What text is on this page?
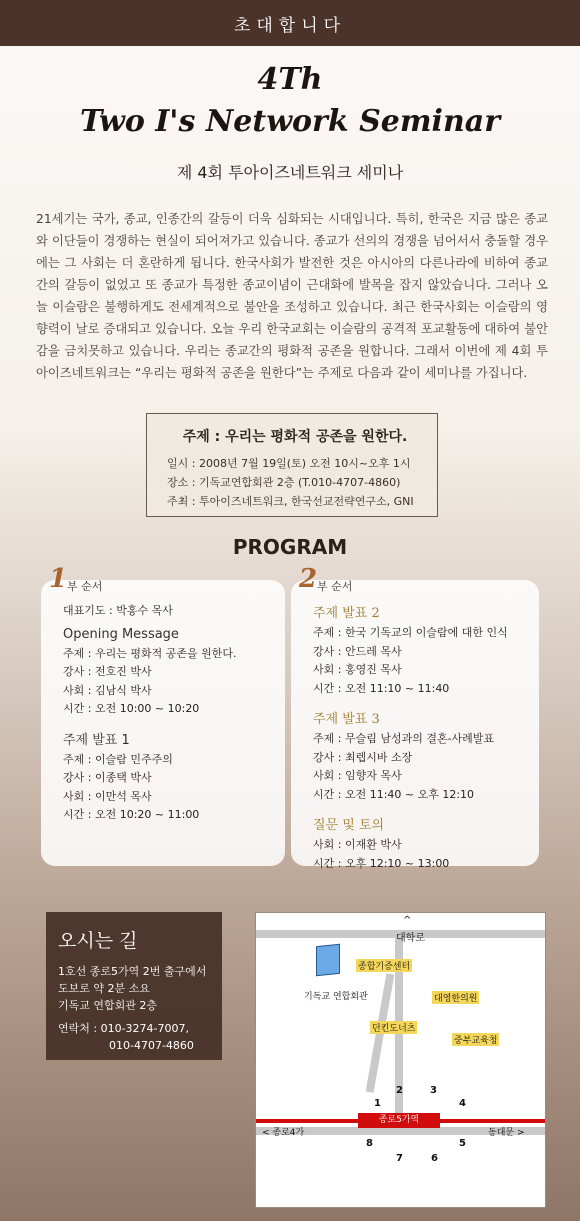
초대합니다
4Th
Two I's Network Seminar
제 4회 투아이즈네트워크 세미나

21세기는 국가, 종교, 인종간의 갈등이 더욱 심화되는 시대입니다. 특히, 한국은 지금 많은 종교와 이단들이 경쟁하는 현실이 되어져가고 있습니다. 종교가 선의의 경쟁을 넘어서서 충돌할 경우에는 그 사회는 더 혼란하게 됩니다. 한국사회가 발전한 것은 아시아의 다른나라에 비하여 종교간의 갈등이 없었고 또 종교가 특정한 종교이념이 근대화에 발목을 잡지 않았습니다. 그러나 오늘 이슬람은 불행하게도 전세계적으로 불안을 조성하고 있습니다. 최근 한국사회는 이슬람의 영향력이 날로 증대되고 있습니다. 오늘 우리 한국교회는 이슬람의 공격적 포교활동에 대하여 불안감을 금치못하고 있습니다. 우리는 종교간의 평화적 공존을 원합니다. 그래서 이번에 제 4회 투아이즈네트워크는 “우리는 평화적 공존을 원한다”는 주제로 다음과 같이 세미나를 가집니다.

주제 : 우리는 평화적 공존을 원한다.
일시 : 2008년 7월 19일(토) 오전 10시~오후 1시
장소 : 기독교연합회관 2층 (T.010-4707-4860)
주최 : 투아이즈네트워크, 한국선교전략연구소, GNI
PROGRAM
1 부 순서
대표기도 : 박홍수 목사
Opening Message
주제 : 우리는 평화적 공존을 원한다.
강사 : 전호진 박사
사회 : 김남식 박사
시간 : 오전 10:00 ~ 10:20
주제 발표 1
주제 : 이슬람 민주주의
강사 : 이종택 박사
사회 : 이만석 목사
시간 : 오전 10:20 ~ 11:00
2 부 순서
주제 발표 2
주제 : 한국 기독교의 이슬람에 대한 인식
강사 : 안드레 목사
사회 : 홍영진 목사
시간 : 오전 11:10 ~ 11:40
주제 발표 3
주제 : 무슬림 남성과의 결혼-사례발표
강사 : 최렙시바 소장
사회 : 임향자 목사
시간 : 오전 11:40 ~ 오후 12:10
질문 및 토의
사회 : 이재환 박사
시간 : 오후 12:10 ~ 13:00
오시는 길
1호선 종로5가역 2번 출구에서
도보로 약 2분 소요
기독교 연합회관 2층
연락처 : 010-3274-7007,
010-4707-4860
^
대학로
기독교 연합회관
종합기증센터
대영한의원
던킨도너츠
중부교육청
종로5가역
< 종로4가	동대문 >
1
2	3
4
5
6
7
8
